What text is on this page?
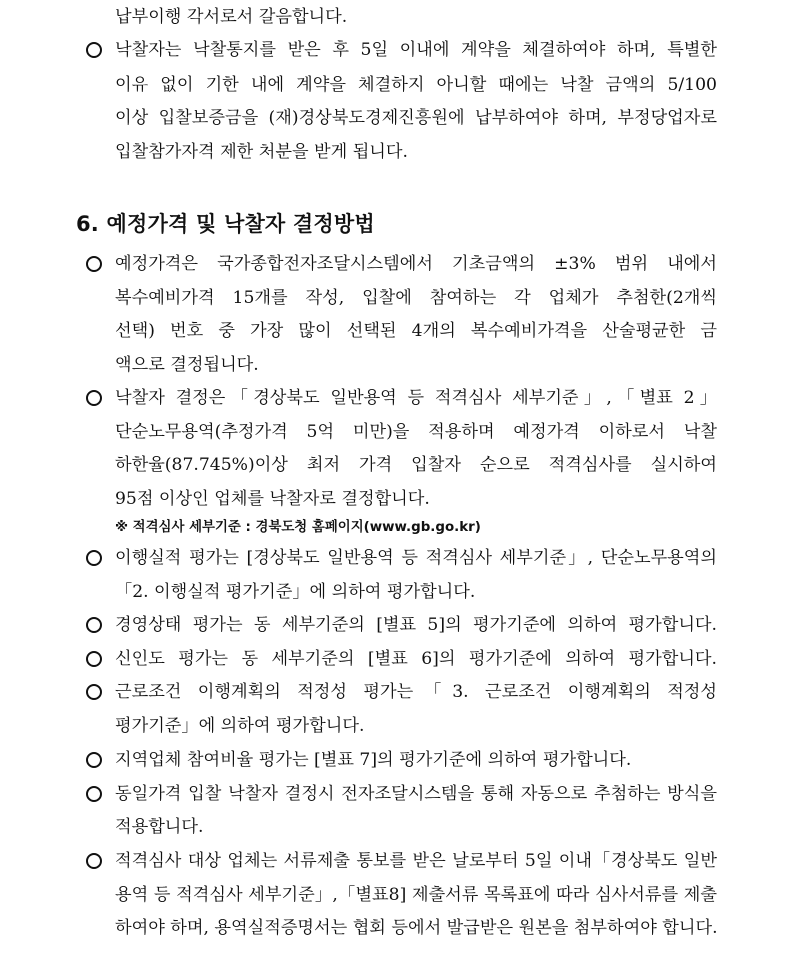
납부이행 각서로서 갈음합니다.
낙찰자는 낙찰통지를 받은 후 5일 이내에 계약을 체결하여야 하며, 특별한
이유 없이 기한 내에 계약을 체결하지 아니할 때에는 낙찰 금액의 5/100
이상 입찰보증금을 (재)경상북도경제진흥원에 납부하여야 하며, 부정당업자로
입찰참가자격 제한 처분을 받게 됩니다.
6. 예정가격 및 낙찰자 결정방법
예정가격은 국가종합전자조달시스템에서 기초금액의 ±3% 범위 내에서
복수예비가격 15개를 작성, 입찰에 참여하는 각 업체가 추첨한(2개씩
선택) 번호 중 가장 많이 선택된 4개의 복수예비가격을 산술평균한 금
액으로 결정됩니다.
낙찰자 결정은「경상북도 일반용역 등 적격심사 세부기준」,「별표 2」
단순노무용역(추정가격 5억 미만)을 적용하며 예정가격 이하로서 낙찰
하한율(87.745%)이상 최저 가격 입찰자 순으로 적격심사를 실시하여
95점 이상인 업체를 낙찰자로 결정합니다.
※ 적격심사 세부기준 : 경북도청 홈페이지(www.gb.go.kr)
이행실적 평가는 [경상북도 일반용역 등 적격심사 세부기준」, 단순노무용역의
「2. 이행실적 평가기준」에 의하여 평가합니다.
경영상태 평가는 동 세부기준의 [별표 5]의 평가기준에 의하여 평가합니다.
신인도 평가는 동 세부기준의 [별표 6]의 평가기준에 의하여 평가합니다.
근로조건 이행계획의 적정성 평가는「3. 근로조건 이행계획의 적정성
평가기준」에 의하여 평가합니다.
지역업체 참여비율 평가는 [별표 7]의 평가기준에 의하여 평가합니다.
동일가격 입찰 낙찰자 결정시 전자조달시스템을 통해 자동으로 추첨하는 방식을
적용합니다.
적격심사 대상 업체는 서류제출 통보를 받은 날로부터 5일 이내「경상북도 일반
용역 등 적격심사 세부기준」,「별표8] 제출서류 목록표에 따라 심사서류를 제출
하여야 하며, 용역실적증명서는 협회 등에서 발급받은 원본을 첨부하여야 합니다.
